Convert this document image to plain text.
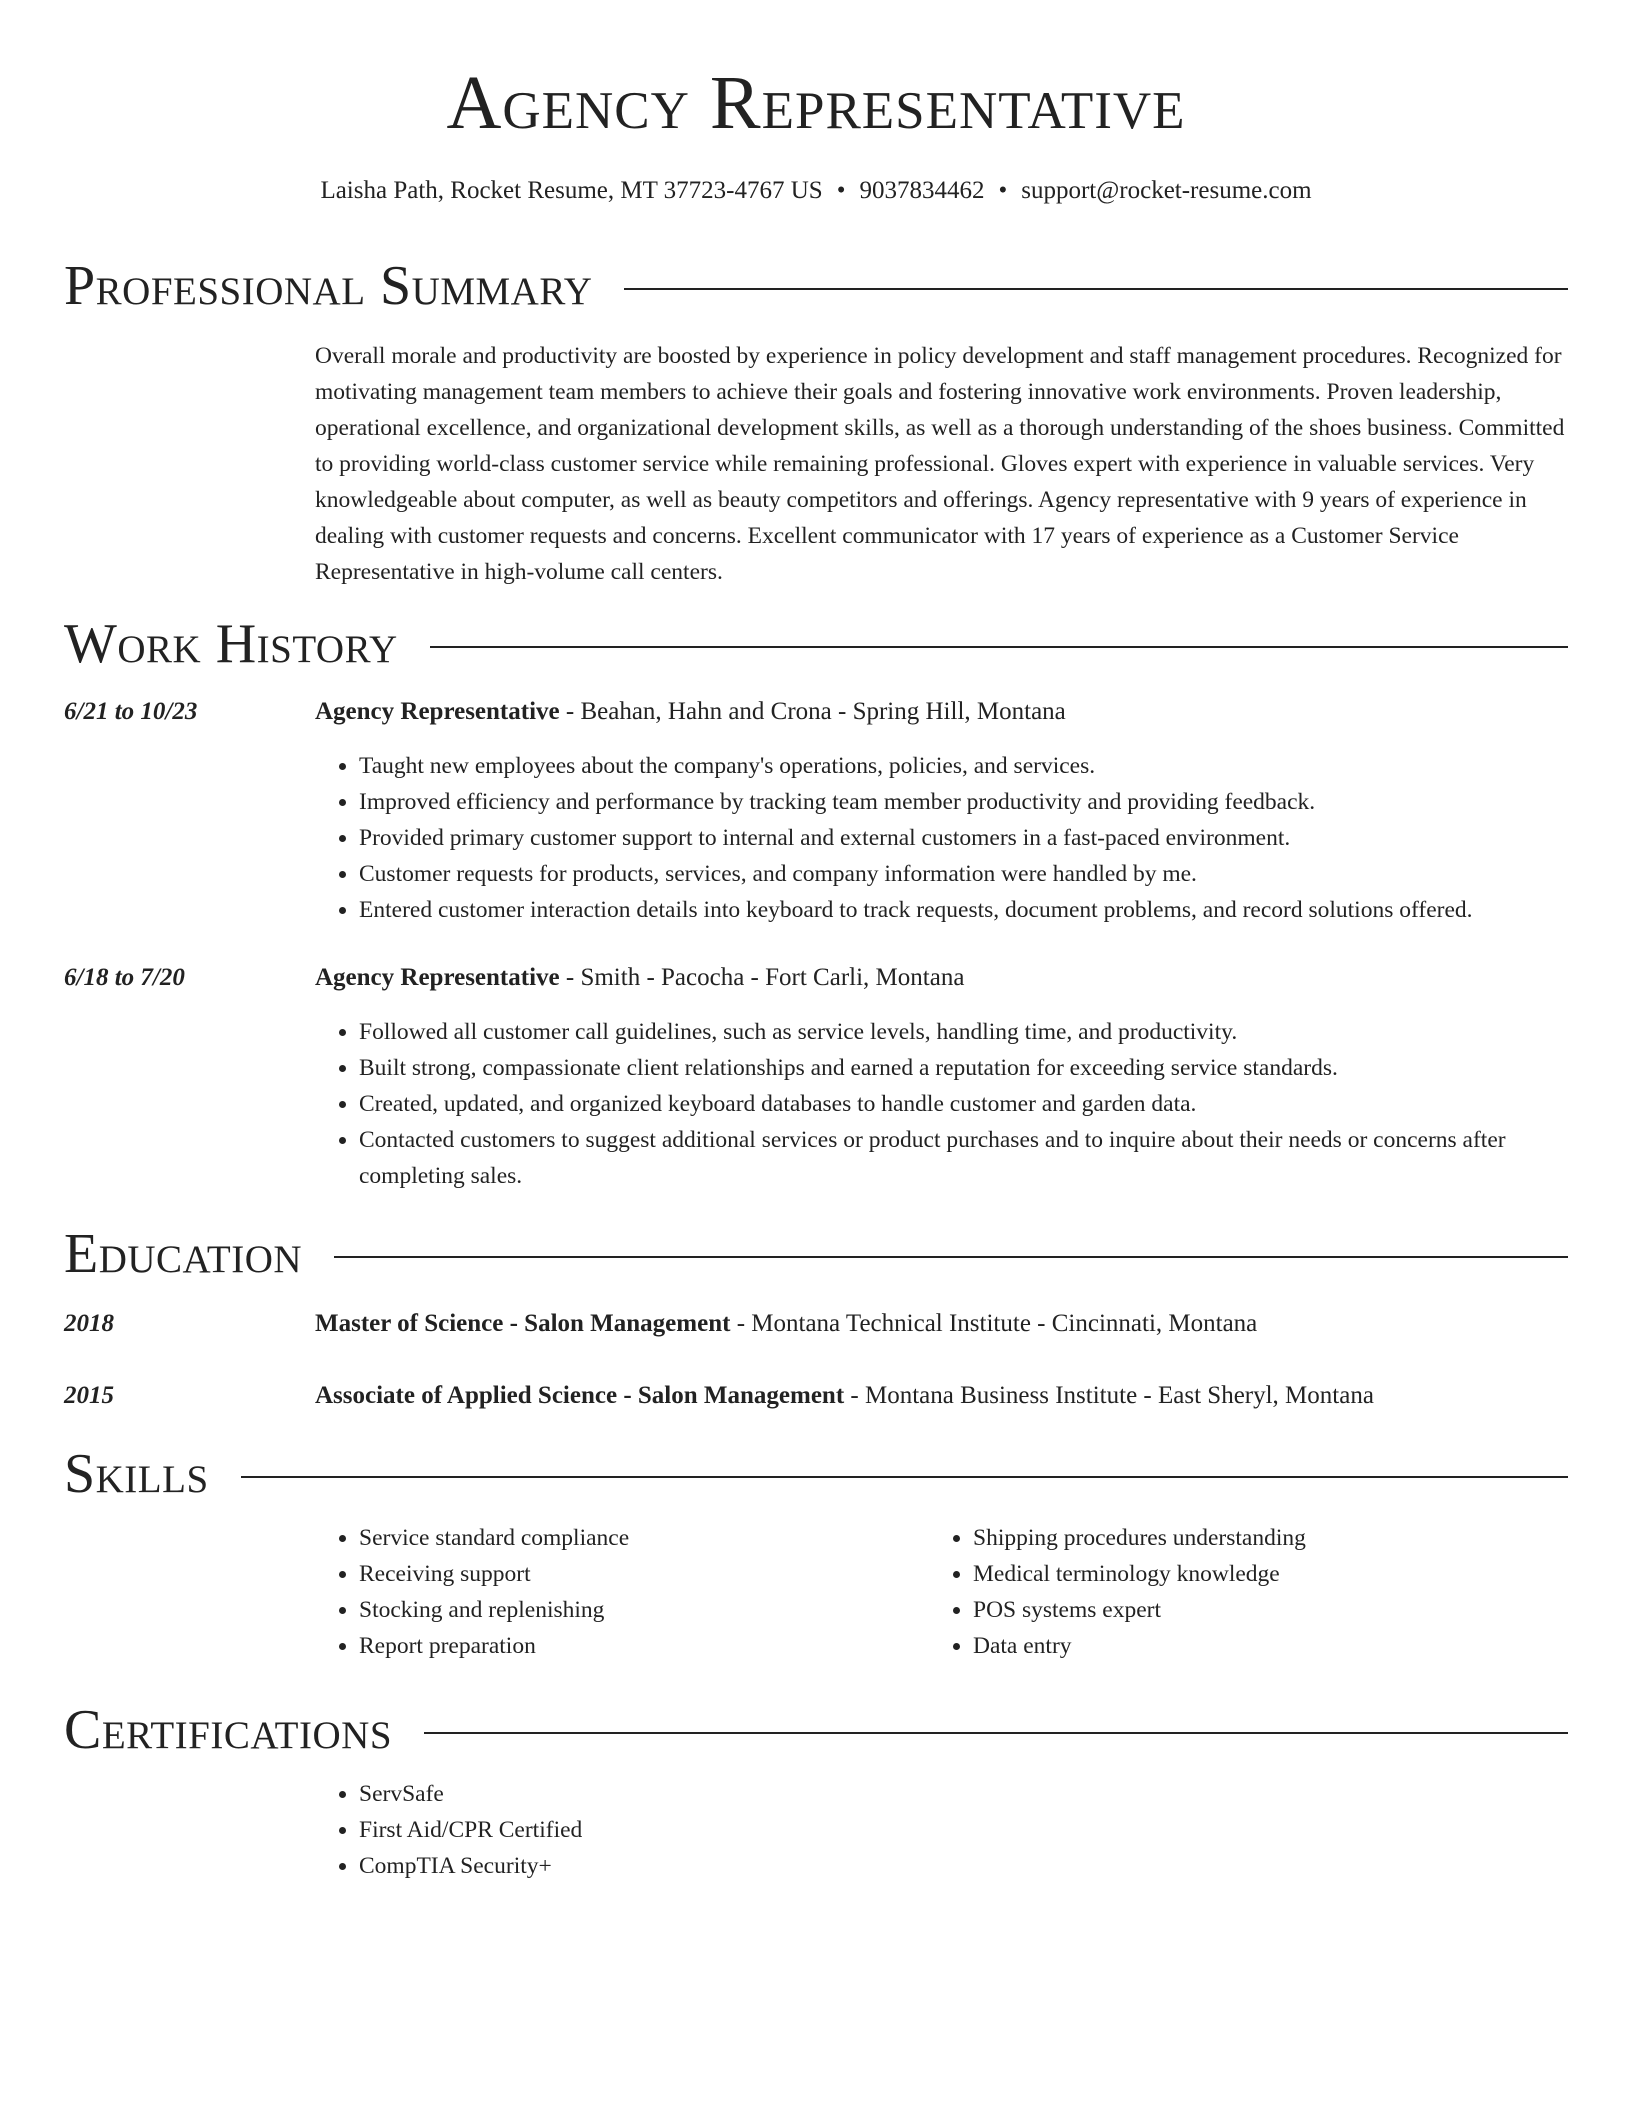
Agency Representative
Laisha Path, Rocket Resume, MT 37723-4767 US • 9037834462 • support@rocket-resume.com
Professional Summary
Overall morale and productivity are boosted by experience in policy development and staff management procedures. Recognized for motivating management team members to achieve their goals and fostering innovative work environments. Proven leadership, operational excellence, and organizational development skills, as well as a thorough understanding of the shoes business. Committed to providing world-class customer service while remaining professional. Gloves expert with experience in valuable services. Very knowledgeable about computer, as well as beauty competitors and offerings. Agency representative with 9 years of experience in dealing with customer requests and concerns. Excellent communicator with 17 years of experience as a Customer Service Representative in high-volume call centers.
Work History
6/21 to 10/23	Agency Representative - Beahan, Hahn and Crona - Spring Hill, Montana
• Taught new employees about the company's operations, policies, and services.
• Improved efficiency and performance by tracking team member productivity and providing feedback.
• Provided primary customer support to internal and external customers in a fast-paced environment.
• Customer requests for products, services, and company information were handled by me.
• Entered customer interaction details into keyboard to track requests, document problems, and record solutions offered.
6/18 to 7/20	Agency Representative - Smith - Pacocha - Fort Carli, Montana
• Followed all customer call guidelines, such as service levels, handling time, and productivity.
• Built strong, compassionate client relationships and earned a reputation for exceeding service standards.
• Created, updated, and organized keyboard databases to handle customer and garden data.
• Contacted customers to suggest additional services or product purchases and to inquire about their needs or concerns after completing sales.
Education
2018	Master of Science - Salon Management - Montana Technical Institute - Cincinnati, Montana
2015	Associate of Applied Science - Salon Management - Montana Business Institute - East Sheryl, Montana
Skills
• Service standard compliance
• Receiving support
• Stocking and replenishing
• Report preparation
• Shipping procedures understanding
• Medical terminology knowledge
• POS systems expert
• Data entry
Certifications
• ServSafe
• First Aid/CPR Certified
• CompTIA Security+
